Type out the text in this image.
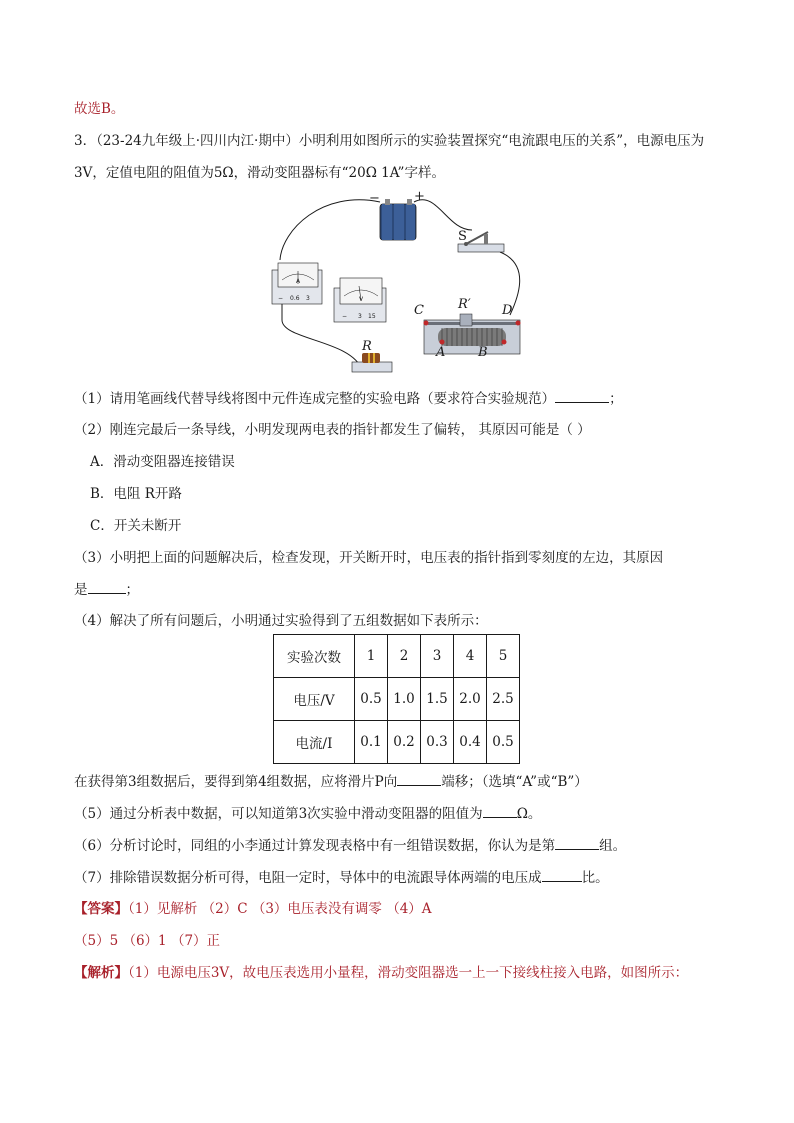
故选B。
3．（23-24九年级上·四川内江·期中）小明利用如图所示的实验装置探究“电流跟电压的关系”，电源电压为
3V，定值电阻的阻值为5Ω，滑动变阻器标有“20Ω 1A”字样。
−	+
S
A
− 0.6 3	V
− 3 15
R
C	D
R′
A	B
（1）请用笔画线代替导线将图中元件连成完整的实验电路（要求符合实验规范）	；
（2）刚连完最后一条导线，小明发现两电表的指针都发生了偏转， 其原因可能是（ ）
A．滑动变阻器连接错误
B．电阻 R开路
C．开关未断开
（3）小明把上面的问题解决后，检查发现，开关断开时，电压表的指针指到零刻度的左边，其原因
是	；
（4）解决了所有问题后，小明通过实验得到了五组数据如下表所示：
实验次数	1	2	3	4	5
电压/V	0.5	1.0	1.5	2.0	2.5
电流/I	0.1	0.2	0.3	0.4	0.5
在获得第3组数据后，要得到第4组数据，应将滑片P向	端移；（选填“A”或“B”）
（5）通过分析表中数据，可以知道第3次实验中滑动变阻器的阻值为	Ω。
（6）分析讨论时，同组的小李通过计算发现表格中有一组错误数据，你认为是第	组。
（7）排除错误数据分析可得，电阻一定时，导体中的电流跟导体两端的电压成	比。
【答案】（1）见解析 （2）C （3）电压表没有调零 （4）A
（5）5 （6）1 （7）正
【解析】（1）电源电压3V，故电压表选用小量程，滑动变阻器选一上一下接线柱接入电路，如图所示：
